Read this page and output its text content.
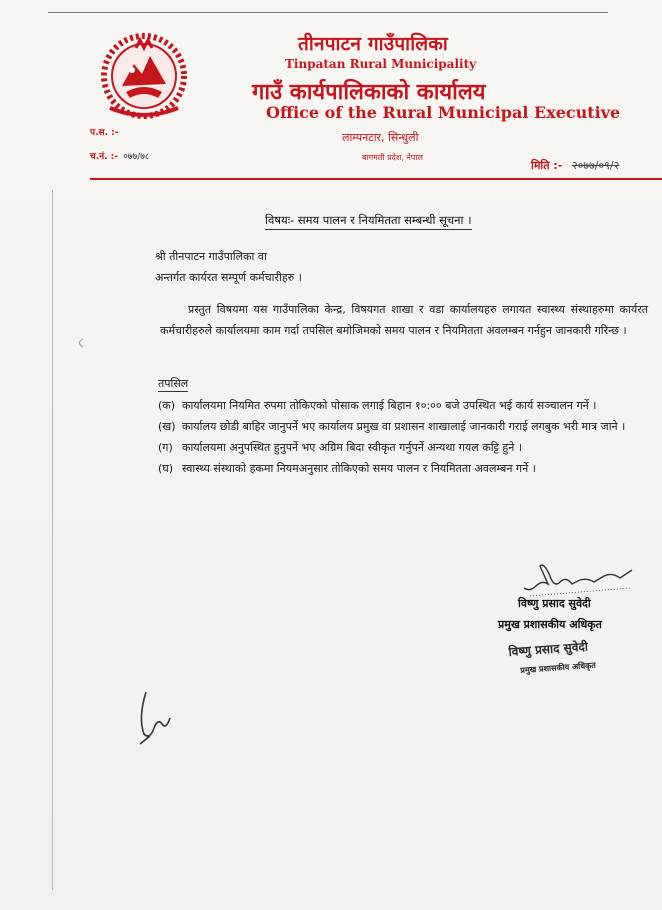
तीनपाटन गाउँपालिका
Tinpatan Rural Municipality
गाउँ कार्यपालिकाको कार्यालय
Office of the Rural Municipal Executive
लाम्पनटार, सिन्धुली
बागमती प्रदेश, नेपाल
प.स. :-
च.नं. :- ०७७/७८
मिति :- २०७७/०९/२
विषयः- समय पालन र नियमितता सम्बन्धी सूचना ।
श्री तीनपाटन गाउँपालिका वा
अन्तर्गत कार्यरत सम्पूर्ण कर्मचारीहरु ।
प्रस्तुत विषयमा यस गाउँपालिका केन्द्र, विषयगत शाखा र वडा कार्यालयहरु लगायत स्वास्थ्य संस्थाहरुमा कार्यरत कर्मचारीहरुले कार्यालयमा काम गर्दा तपसिल बमोजिमको समय पालन र नियमितता अवलम्बन गर्नहुन जानकारी गरिन्छ ।
तपसिल
(क) कार्यालयमा नियमित रुपमा तोकिएको पोसाक लगाई बिहान १०:०० बजे उपस्थित भई कार्य सञ्चालन गर्ने ।
(ख) कार्यालय छोडी बाहिर जानुपर्ने भए कार्यालय प्रमुख वा प्रशासन शाखालाई जानकारी गराई लगबुक भरी मात्र जाने ।
(ग) कार्यालयमा अनुपस्थित हुनुपर्ने भए अग्रिम बिदा स्वीकृत गर्नुपर्ने अन्यथा गयल कट्टि हुने ।
(घ) स्वास्थ्य संस्थाको हकमा नियमअनुसार तोकिएको समय पालन र नियमितता अवलम्बन गर्ने ।
विष्णु प्रसाद सुवेदी
प्रमुख प्रशासकीय अधिकृत
विष्णु प्रसाद सुवेदी
प्रमुख प्रशासकीय अधिकृत
